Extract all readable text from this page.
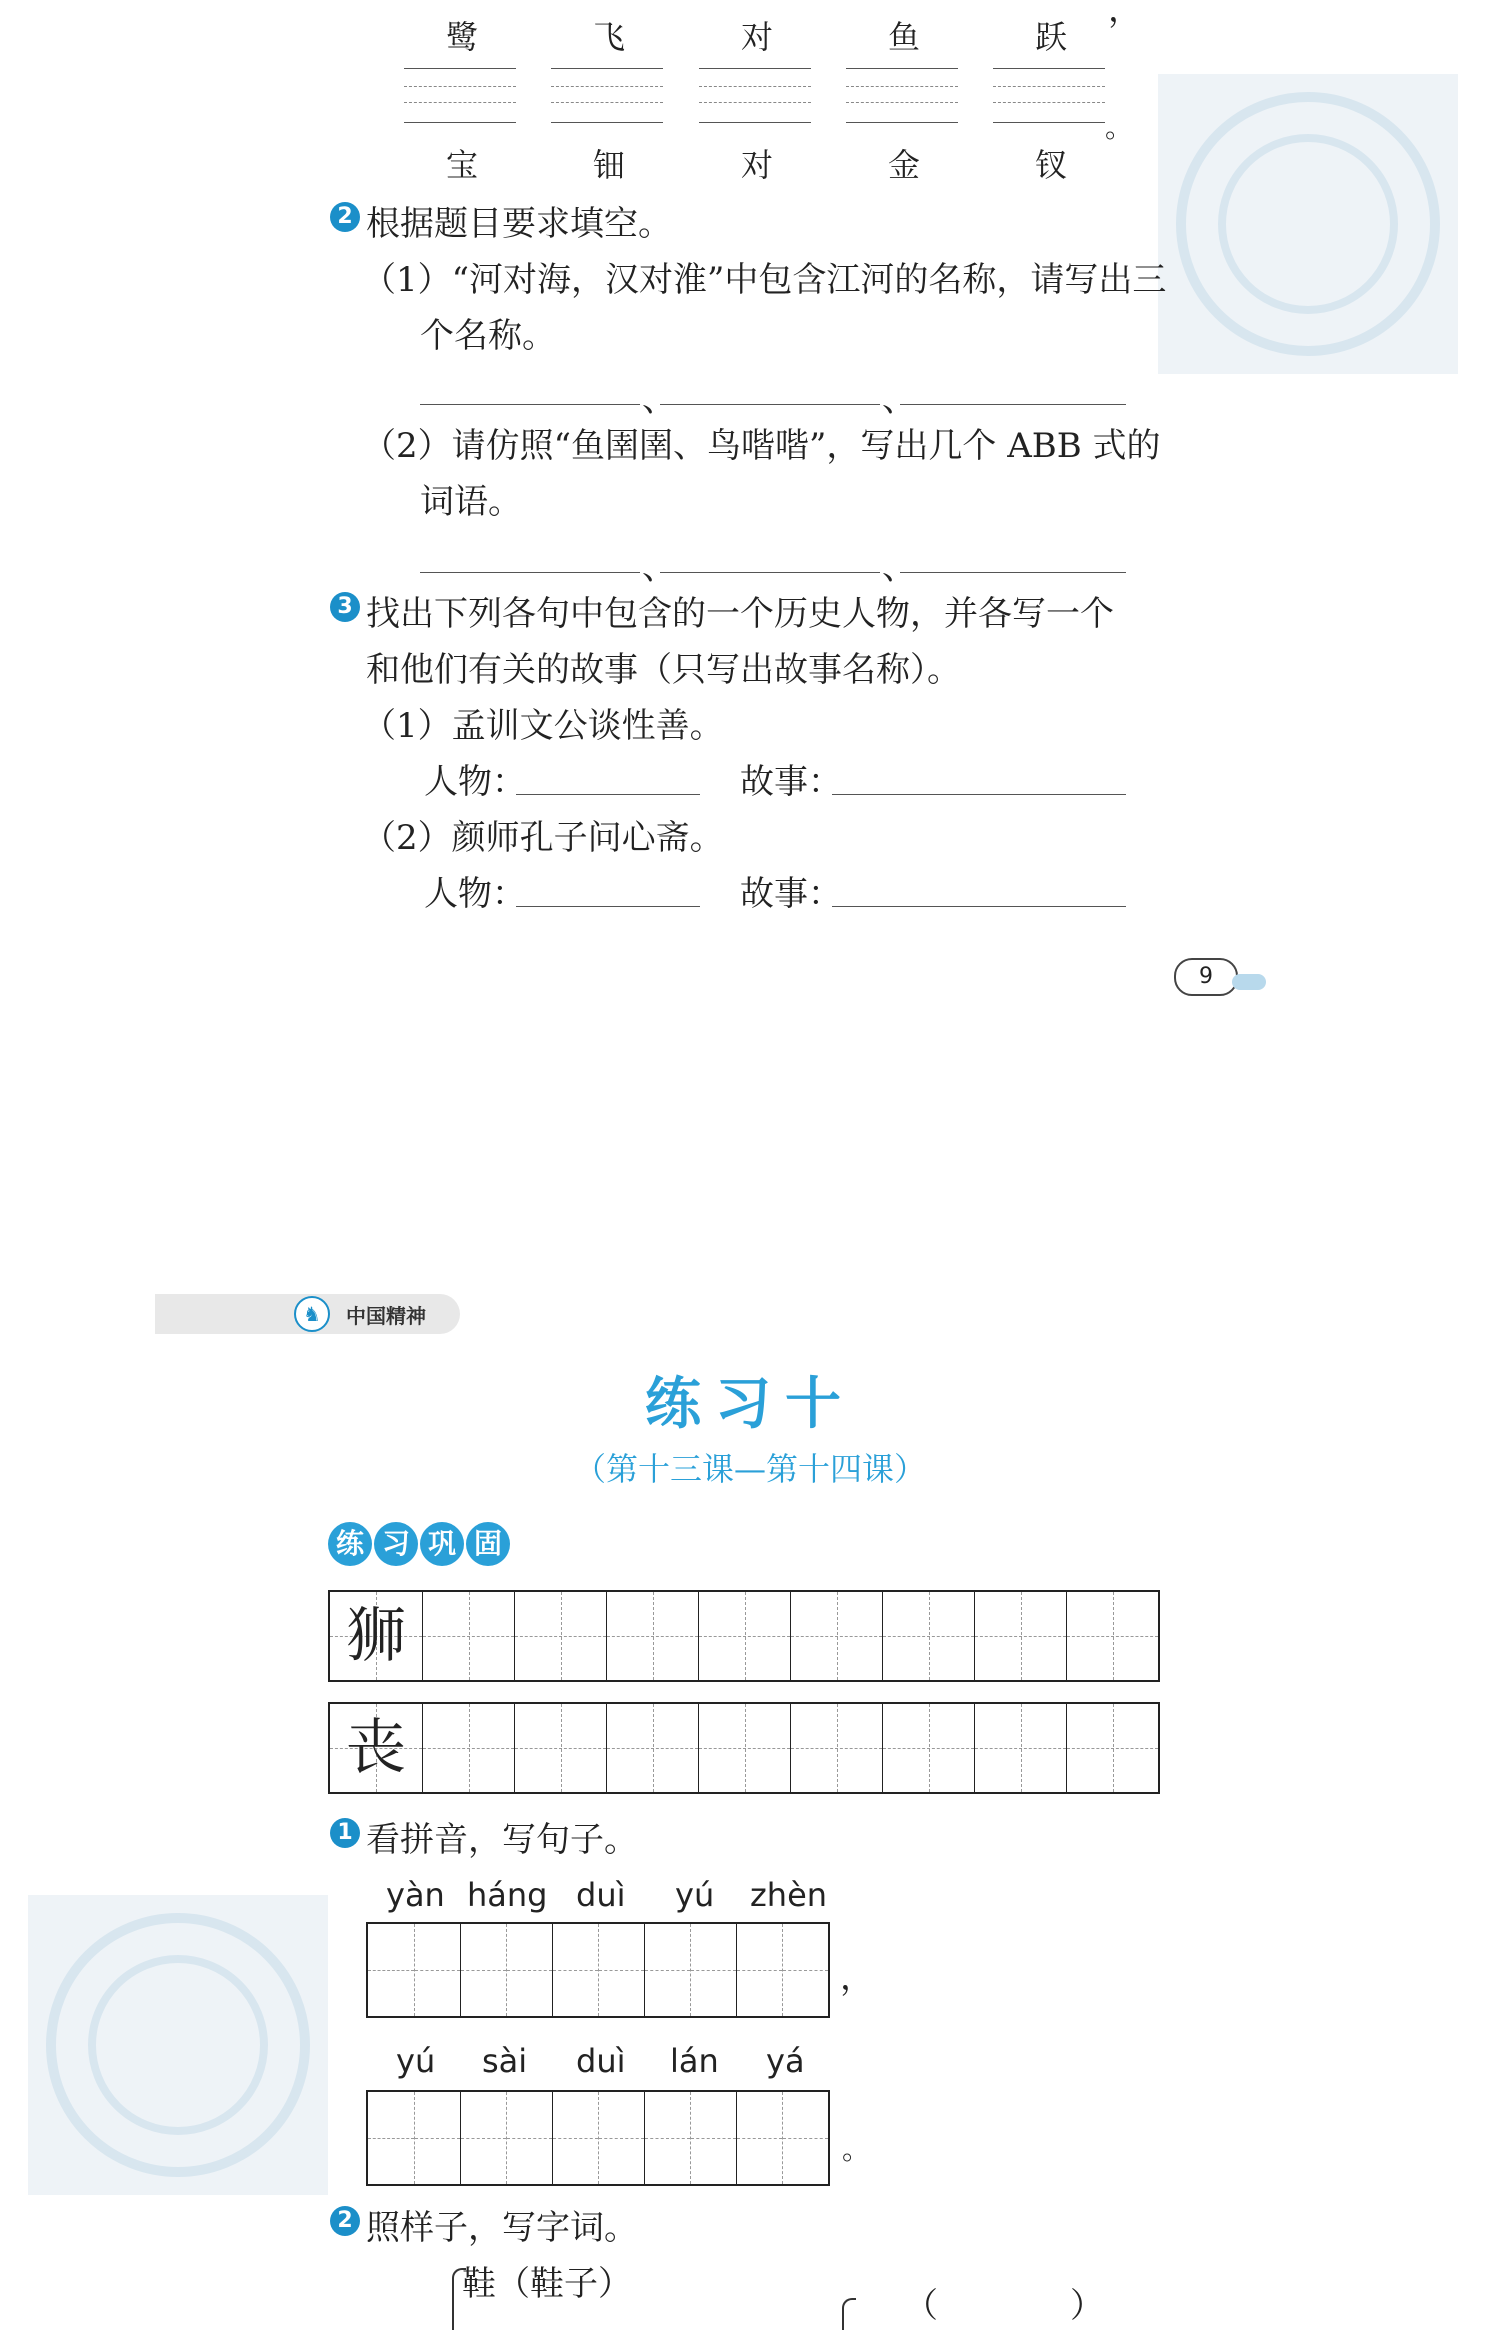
鹭	飞	对	鱼	跃
，
。
宝	钿	对	金	钗
2 根据题目要求填空。
（1）“河对海，汉对淮”中包含江河的名称，请写出三
个名称。
、	、
（2）请仿照“鱼圉圉、鸟喈喈”，写出几个 ABB 式的
词语。
、	、
3 找出下列各句中包含的一个历史人物，并各写一个
和他们有关的故事（只写出故事名称）。
（1）孟训文公谈性善。
人物：	故事：
（2）颜师孔子问心斋。
人物：	故事：
9
♞	中国精神
练习十
（第十三课—第十四课）
练 习 巩 固
狮
丧
1 看拼音，写句子。
yàn háng duì yú zhèn
，
yú sài duì lán yá
。
2 照样子，写字词。
鞋（鞋子）
（	）
